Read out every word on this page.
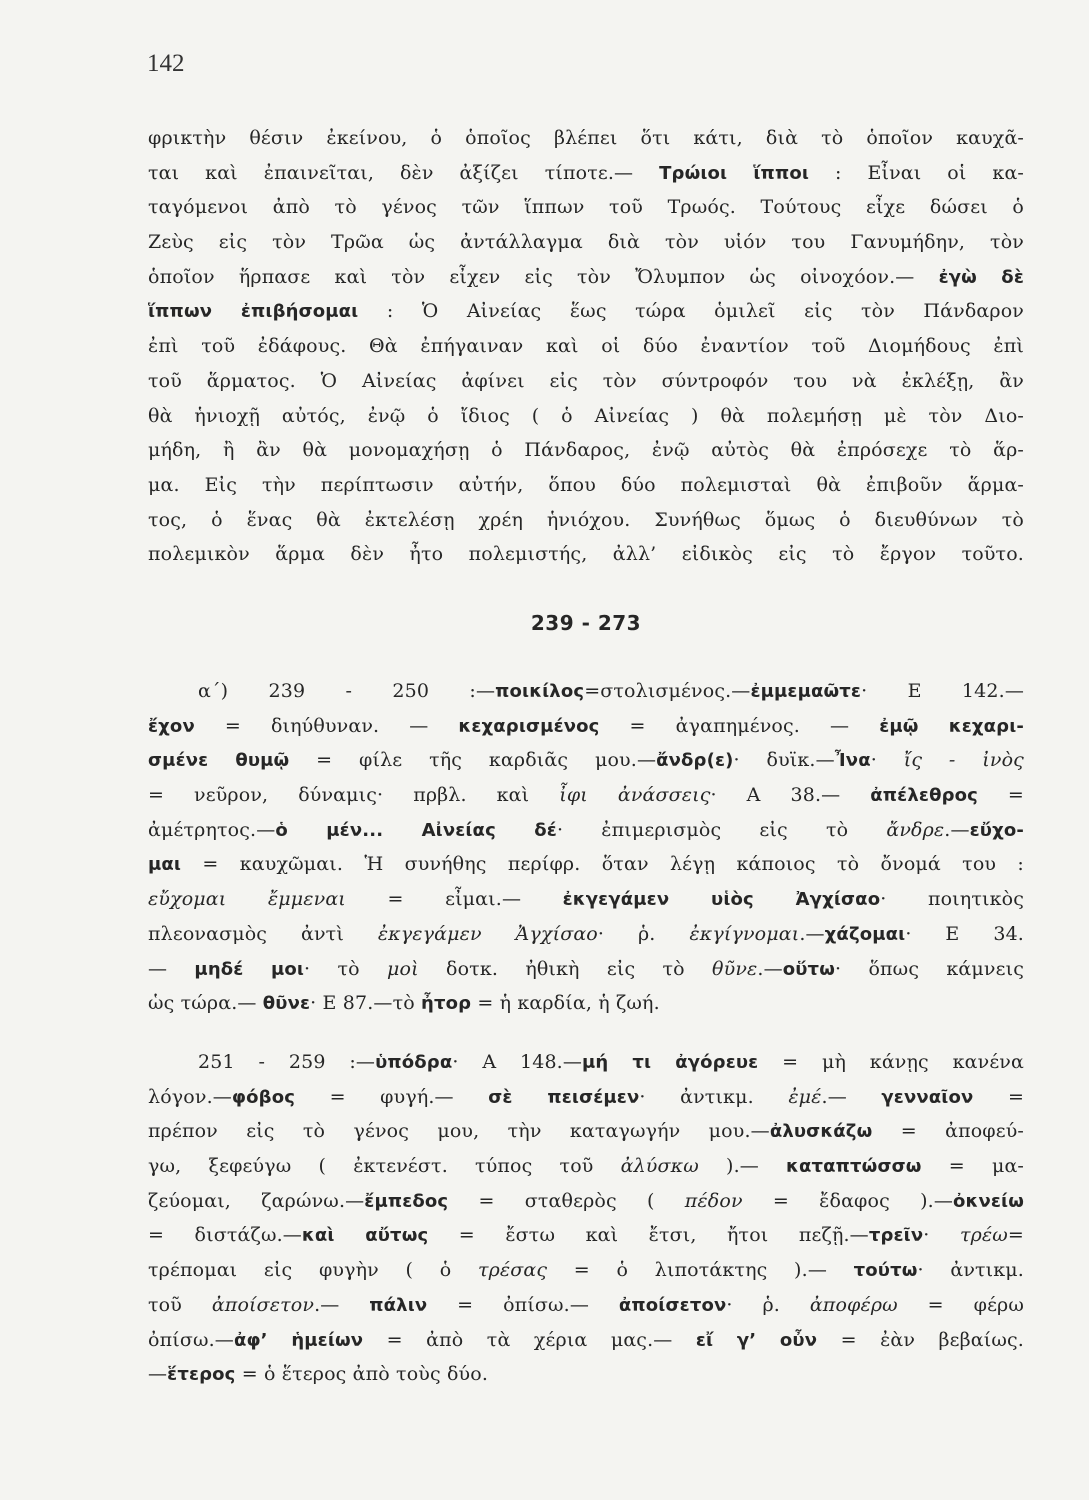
142
φρικτὴν θέσιν ἐκείνου, ὁ ὁποῖος βλέπει ὅτι κάτι, διὰ τὸ ὁποῖον καυχᾶ-
ται καὶ ἐπαινεῖται, δὲν ἀξίζει τίποτε.— Τρώιοι ἵπποι : Εἶναι οἱ κα-
ταγόμενοι ἀπὸ τὸ γένος τῶν ἵππων τοῦ Τρωός. Τούτους εἶχε δώσει ὁ
Ζεὺς εἰς τὸν Τρῶα ὡς ἀντάλλαγμα διὰ τὸν υἱόν του Γανυμήδην, τὸν
ὁποῖον ἥρπασε καὶ τὸν εἶχεν εἰς τὸν Ὄλυμπον ὡς οἰνοχόον.— ἐγὼ δὲ
ἵππων ἐπιβήσομαι : Ὁ Αἰνείας ἕως τώρα ὁμιλεῖ εἰς τὸν Πάνδαρον
ἐπὶ τοῦ ἐδάφους. Θὰ ἐπήγαιναν καὶ οἱ δύο ἐναντίον τοῦ Διομήδους ἐπὶ
τοῦ ἅρματος. Ὁ Αἰνείας ἀφίνει εἰς τὸν σύντροφόν του νὰ ἐκλέξῃ, ἂν
θὰ ἡνιοχῇ αὐτός, ἐνῷ ὁ ἴδιος ( ὁ Αἰνείας ) θὰ πολεμήσῃ μὲ τὸν Διο-
μήδη, ἢ ἂν θὰ μονομαχήσῃ ὁ Πάνδαρος, ἐνῷ αὐτὸς θὰ ἐπρόσεχε τὸ ἅρ-
μα. Εἰς τὴν περίπτωσιν αὐτήν, ὅπου δύο πολεμισταὶ θὰ ἐπιβοῦν ἅρμα-
τος, ὁ ἕνας θὰ ἐκτελέσῃ χρέη ἡνιόχου. Συνήθως ὅμως ὁ διευθύνων τὸ
πολεμικὸν ἅρμα δὲν ἦτο πολεμιστής, ἀλλ’ εἰδικὸς εἰς τὸ ἔργον τοῦτο.
239 - 273
α΄) 239 - 250 :—ποικίλος=στολισμένος.—ἐμμεμαῶτε· Ε 142.—
ἔχον = διηύθυναν. — κεχαρισμένος = ἀγαπημένος. — ἐμῷ κεχαρι-
σμένε θυμῷ = φίλε τῆς καρδιᾶς μου.—ἄνδρ(ε)· δυϊκ.—Ἶνα· ἴς - ἰνὸς
= νεῦρον, δύναμις· πρβλ. καὶ ἶφι ἀνάσσεις· Α 38.— ἀπέλεθρος =
ἀμέτρητος.—ὁ μέν... Αἰνείας δέ· ἐπιμερισμὸς εἰς τὸ ἄνδρε.—εὔχο-
μαι = καυχῶμαι. Ἡ συνήθης περίφρ. ὅταν λέγῃ κάποιος τὸ ὄνομά του :
εὔχομαι ἔμμεναι = εἶμαι.— ἐκγεγάμεν υἱὸς Ἀγχίσαο· ποιητικὸς
πλεονασμὸς ἀντὶ ἐκγεγάμεν Ἀγχίσαο· ῥ. ἐκγίγνομαι.—χάζομαι· Ε 34.
— μηδέ μοι· τὸ μοὶ δοτκ. ἠθικὴ εἰς τὸ θῦνε.—οὕτω· ὅπως κάμνεις
ὡς τώρα.— θῦνε· Ε 87.—τὸ ἦτορ = ἡ καρδία, ἡ ζωή.
251 - 259 :—ὑπόδρα· Α 148.—μή τι ἀγόρευε = μὴ κάνῃς κανένα
λόγον.—φόβος = φυγή.— σὲ πεισέμεν· ἀντικμ. ἐμέ.— γενναῖον =
πρέπον εἰς τὸ γένος μου, τὴν καταγωγήν μου.—ἀλυσκάζω = ἀποφεύ-
γω, ξεφεύγω ( ἐκτενέστ. τύπος τοῦ ἀλύσκω ).— καταπτώσσω = μα-
ζεύομαι, ζαρώνω.—ἔμπεδος = σταθερὸς ( πέδον = ἔδαφος ).—ὀκνείω
= διστάζω.—καὶ αὔτως = ἔστω καὶ ἔτσι, ἤτοι πεζῇ.—τρεῖν· τρέω=
τρέπομαι εἰς φυγὴν ( ὁ τρέσας = ὁ λιποτάκτης ).— τούτω· ἀντικμ.
τοῦ ἀποίσετον.— πάλιν = ὀπίσω.— ἀποίσετον· ῥ. ἀποφέρω = φέρω
ὀπίσω.—ἀφ’ ἡμείων = ἀπὸ τὰ χέρια μας.— εἴ γ’ οὖν = ἐὰν βεβαίως.
—ἕτερος = ὁ ἕτερος ἀπὸ τοὺς δύο.
